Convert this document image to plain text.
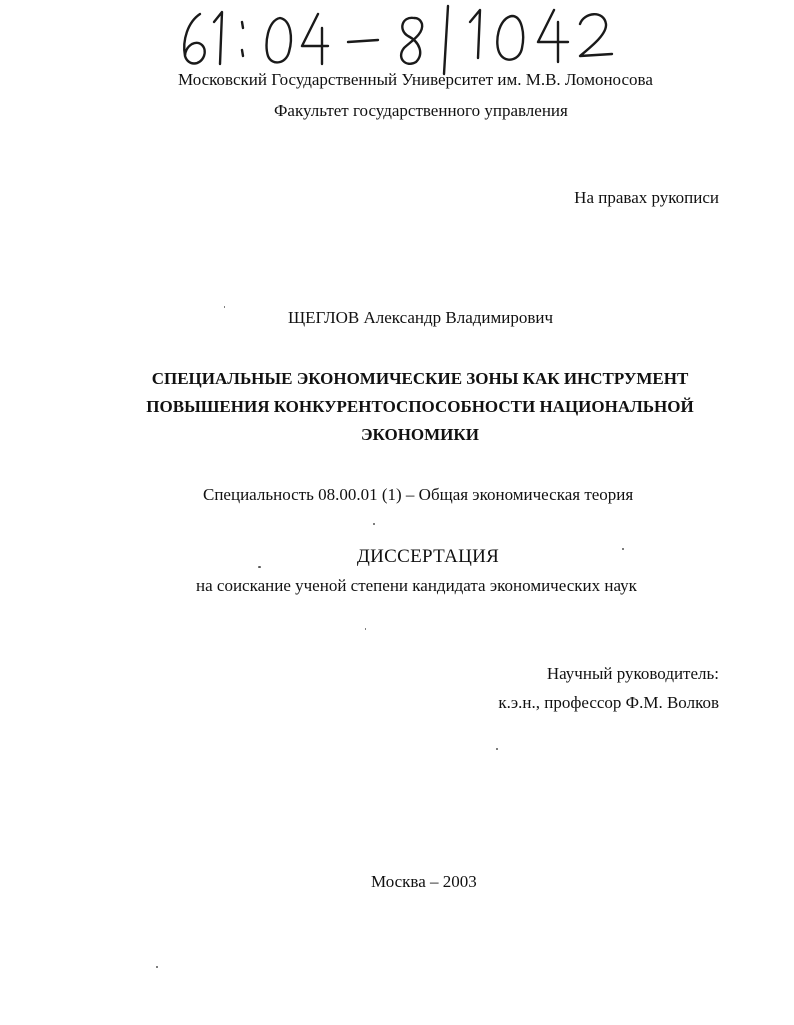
Московский Государственный Университет им. М.В. Ломоносова
Факультет государственного управления
На правах рукописи
ЩЕГЛОВ Александр Владимирович
СПЕЦИАЛЬНЫЕ ЭКОНОМИЧЕСКИЕ ЗОНЫ КАК ИНСТРУМЕНТ
ПОВЫШЕНИЯ КОНКУРЕНТОСПОСОБНОСТИ НАЦИОНАЛЬНОЙ
ЭКОНОМИКИ
Специальность 08.00.01 (1) – Общая экономическая теория
ДИССЕРТАЦИЯ
на соискание ученой степени кандидата экономических наук
Научный руководитель:
к.э.н., профессор Ф.М. Волков
Москва – 2003
